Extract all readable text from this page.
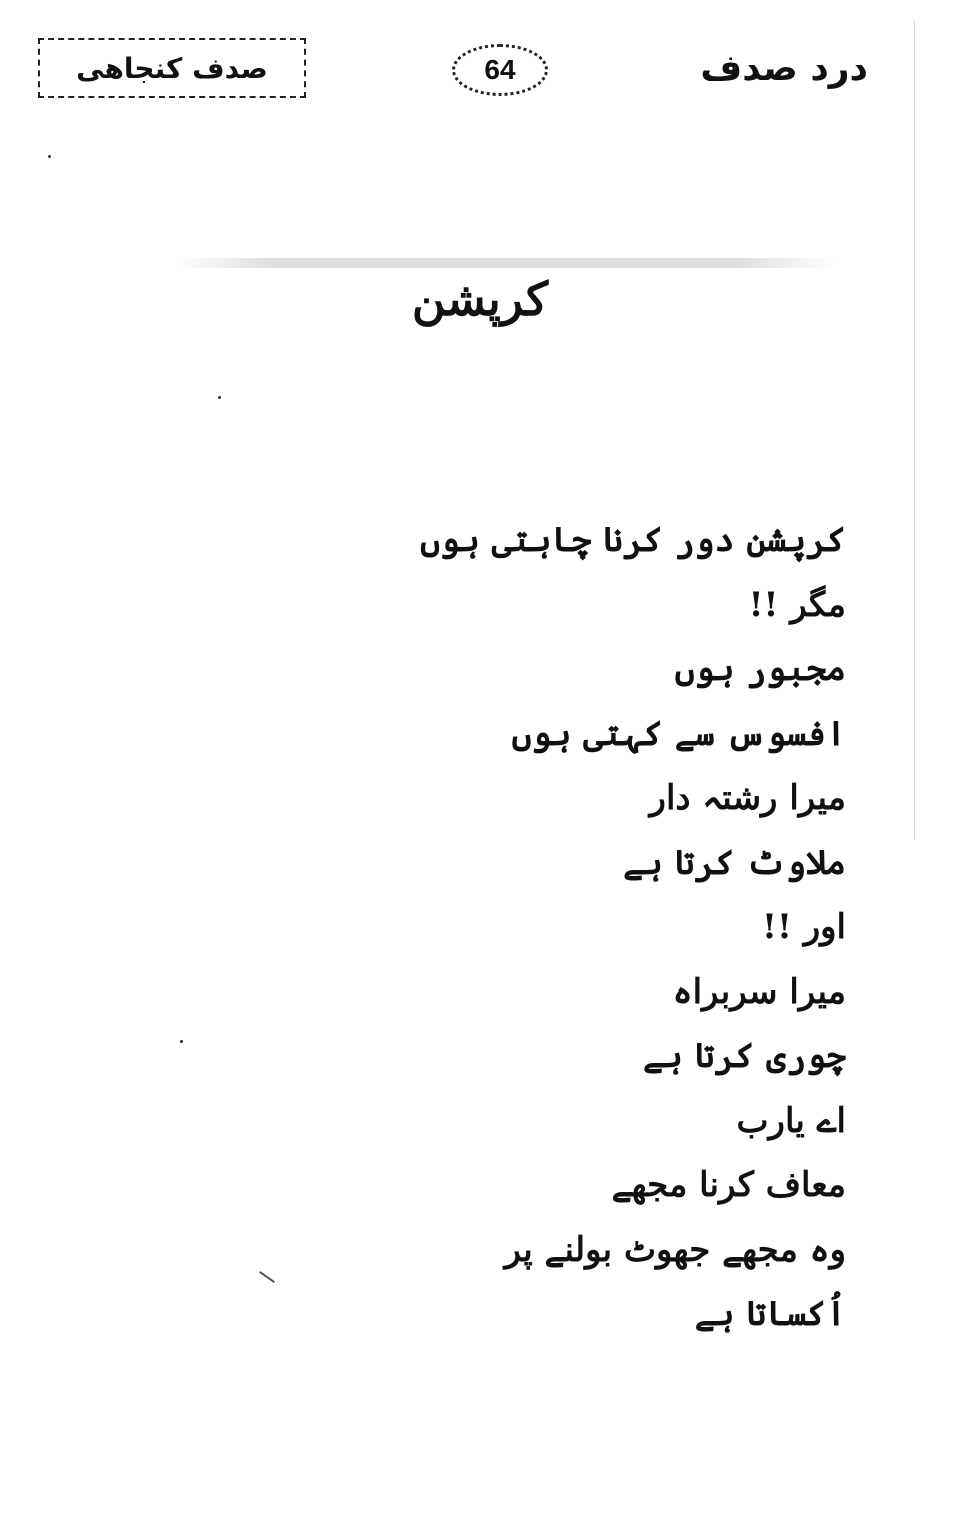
صدف کنجاھی	64	درد صدف
کرپشن
کرپشن دور کرنا چاہتی ہوں
مگر !!
مجبور ہوں
افسوس سے کہتی ہوں
میرا رشتہ دار
ملاوٹ کرتا ہے
اور !!
میرا سربراہ
چوری کرتا ہے
اے یارب
معاف کرنا مجھے
وہ مجھے جھوٹ بولنے پر
اُکساتا ہے
